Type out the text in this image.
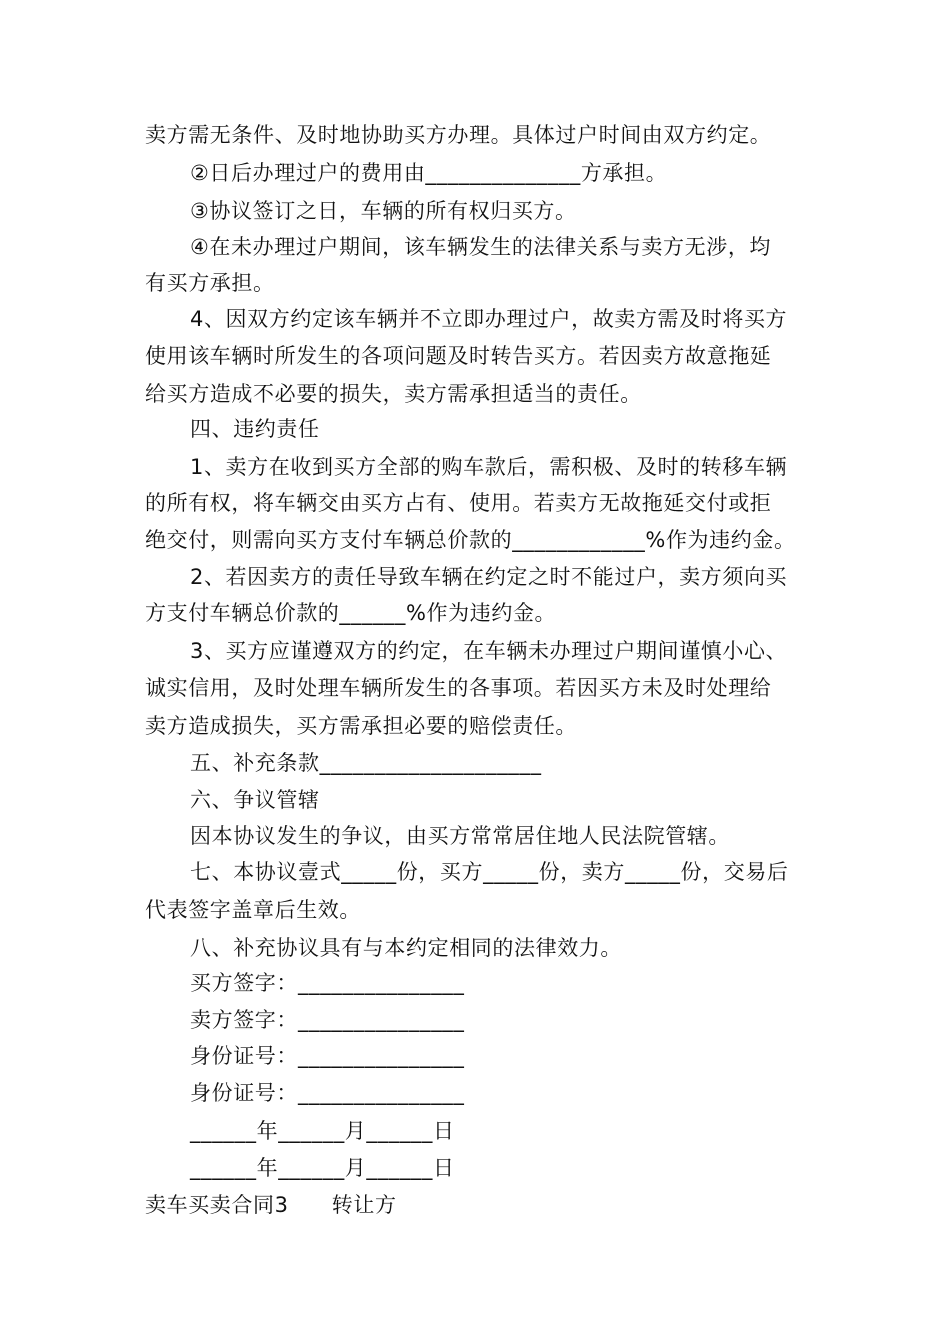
卖方需无条件、及时地协助买方办理。具体过户时间由双方约定。
②日后办理过户的费用由______________方承担。
③协议签订之日，车辆的所有权归买方。
④在未办理过户期间，该车辆发生的法律关系与卖方无涉，均
有买方承担。
4、因双方约定该车辆并不立即办理过户，故卖方需及时将买方
使用该车辆时所发生的各项问题及时转告买方。若因卖方故意拖延
给买方造成不必要的损失，卖方需承担适当的责任。
四、违约责任
1、卖方在收到买方全部的购车款后，需积极、及时的转移车辆
的所有权，将车辆交由买方占有、使用。若卖方无故拖延交付或拒
绝交付，则需向买方支付车辆总价款的____________%作为违约金。
2、若因卖方的责任导致车辆在约定之时不能过户，卖方须向买
方支付车辆总价款的______%作为违约金。
3、买方应谨遵双方的约定，在车辆未办理过户期间谨慎小心、
诚实信用，及时处理车辆所发生的各事项。若因买方未及时处理给
卖方造成损失，买方需承担必要的赔偿责任。
五、补充条款____________________
六、争议管辖
因本协议发生的争议，由买方常常居住地人民法院管辖。
七、本协议壹式_____份，买方_____份，卖方_____份，交易后
代表签字盖章后生效。
八、补充协议具有与本约定相同的法律效力。
买方签字：_______________
卖方签字：_______________
身份证号：_______________
身份证号：_______________
______年______月______日
______年______月______日
卖车买卖合同3　　转让方
